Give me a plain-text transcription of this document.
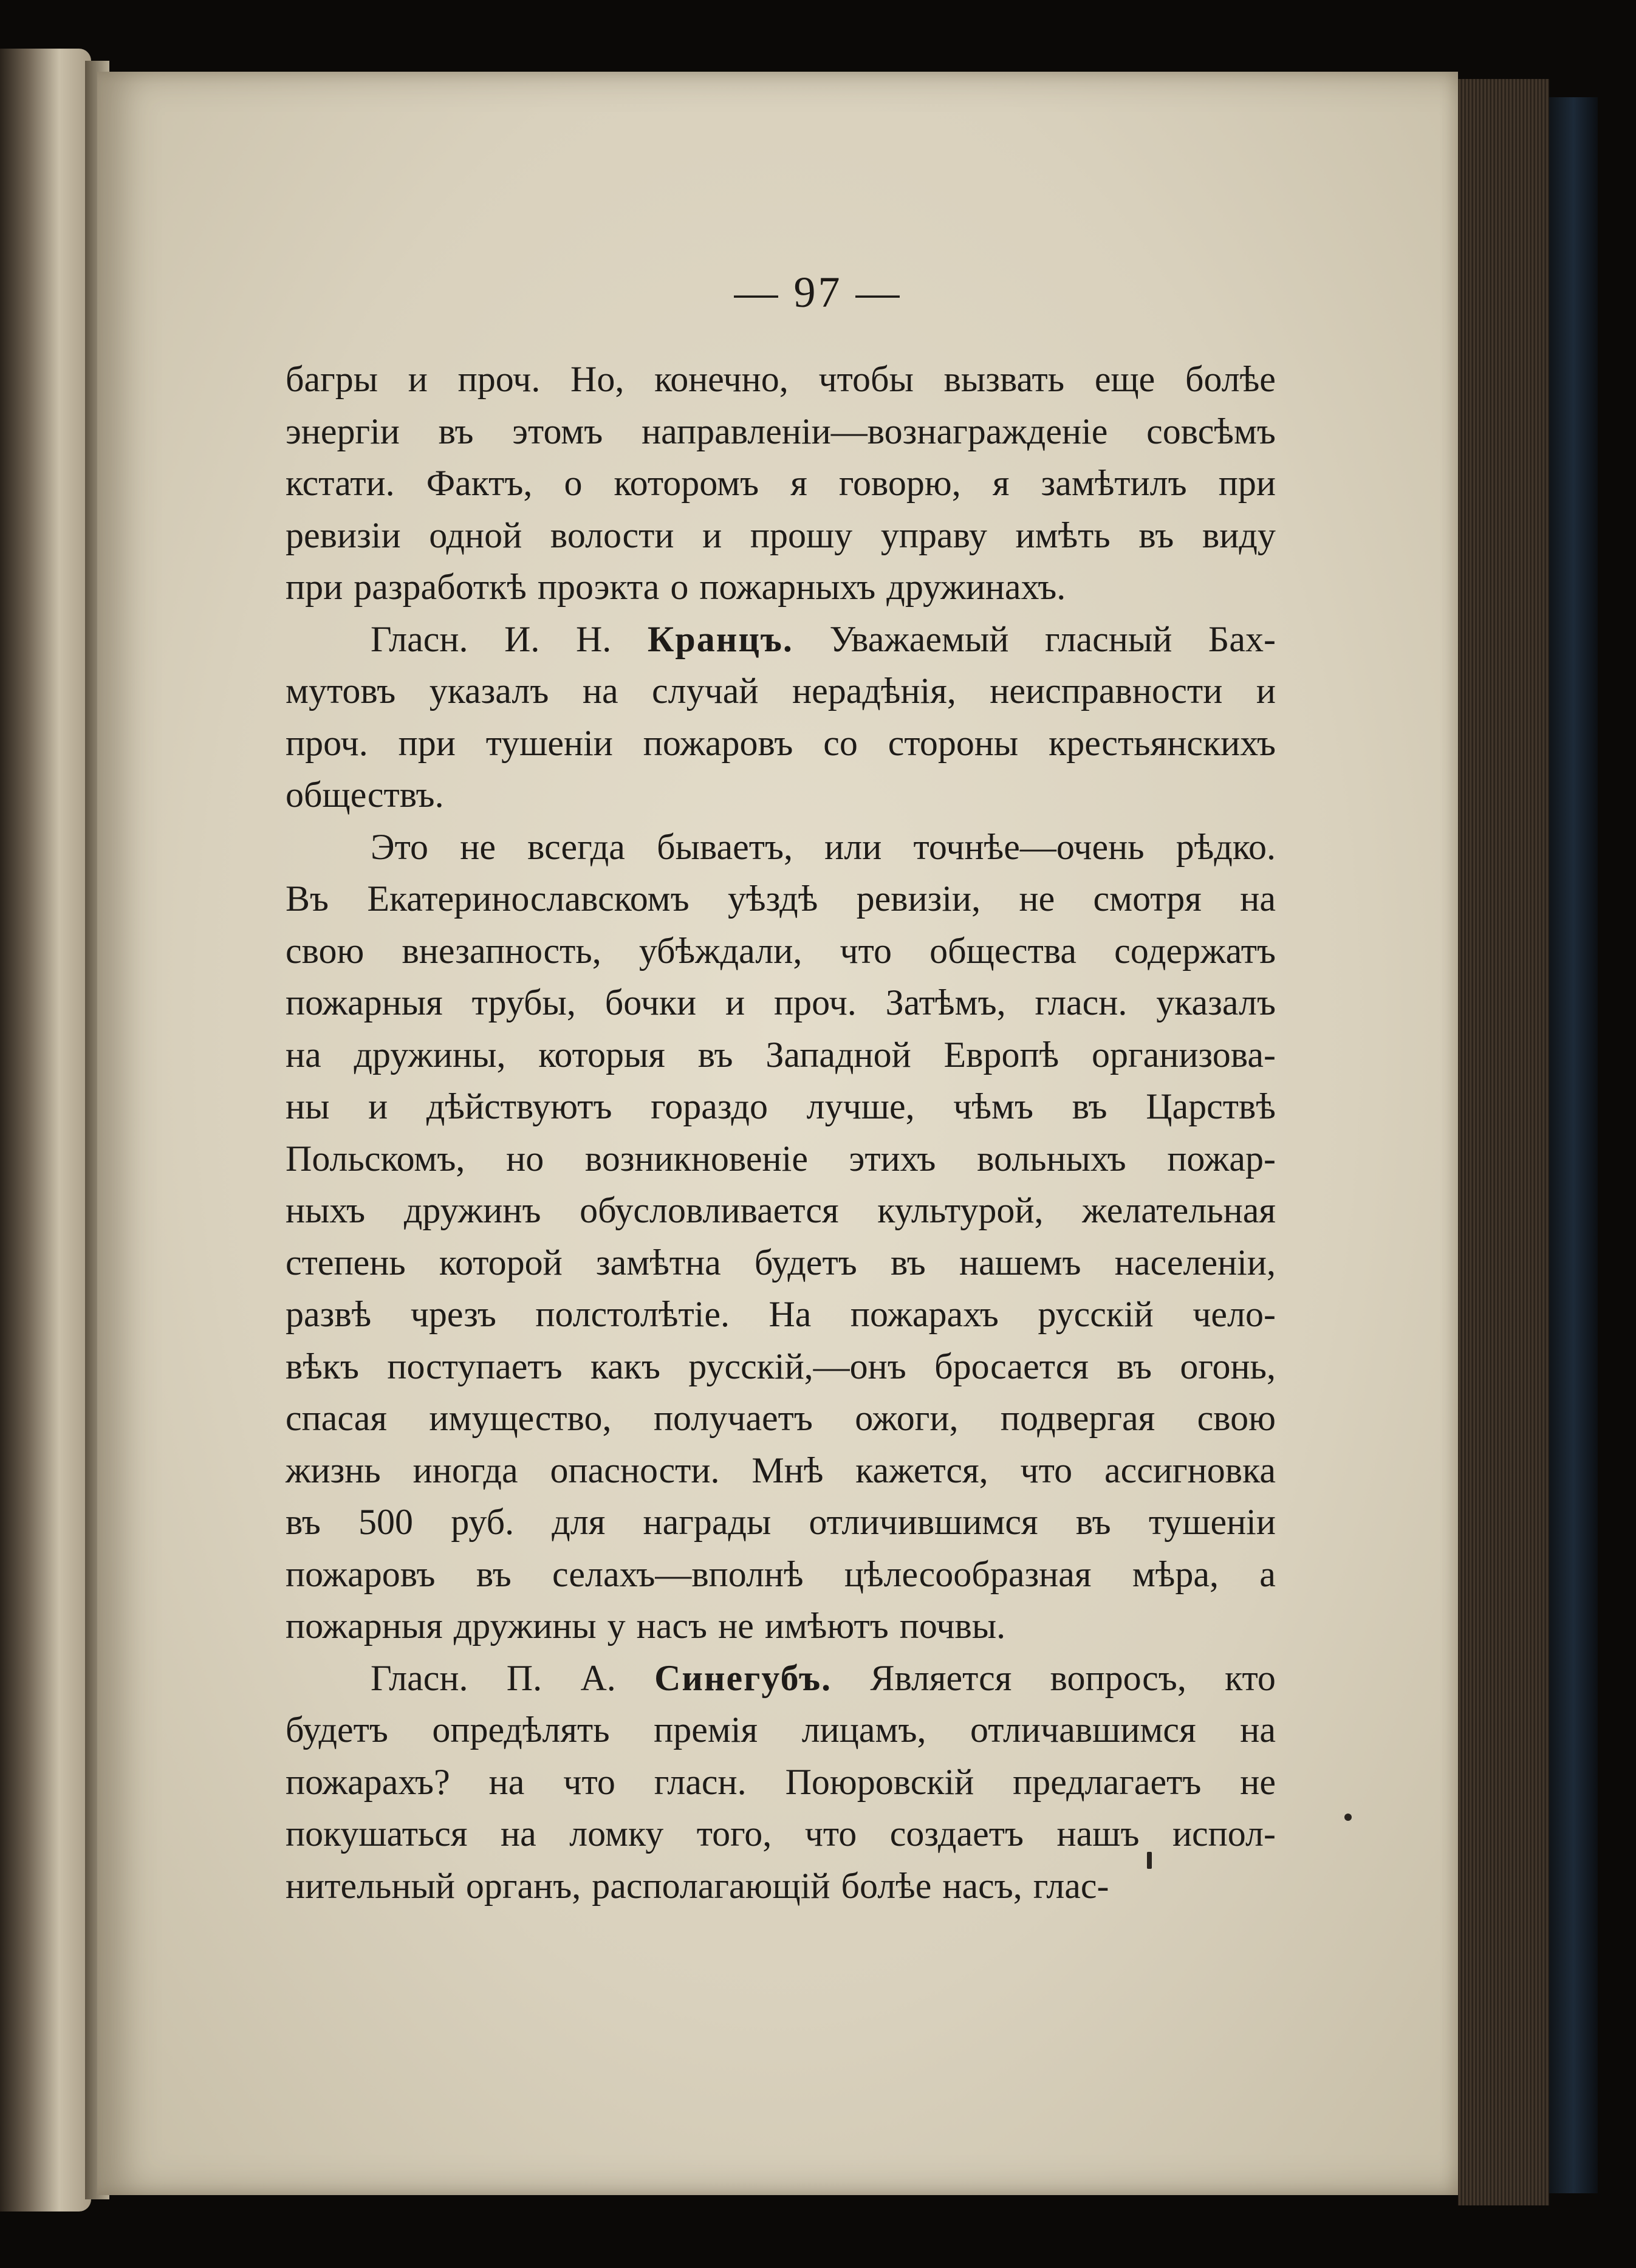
— 97 —
багры и проч. Но, конечно, чтобы вызвать еще болѣе
энергіи въ этомъ направленіи—вознагражденіе совсѣмъ
кстати. Фактъ, о которомъ я говорю, я замѣтилъ при
ревизіи одной волости и прошу управу имѣть въ виду
при разработкѣ проэкта о пожарныхъ дружинахъ.
Гласн. И. Н. Кранцъ. Уважаемый гласный Бах-
мутовъ указалъ на случай нерадѣнія, неисправности и
проч. при тушеніи пожаровъ со стороны крестьянскихъ
обществъ.
Это не всегда бываетъ, или точнѣе—очень рѣдко.
Въ Екатеринославскомъ уѣздѣ ревизіи, не смотря на
свою внезапность, убѣждали, что общества содержатъ
пожарныя трубы, бочки и проч. Затѣмъ, гласн. указалъ
на дружины, которыя въ Западной Европѣ организова-
ны и дѣйствуютъ гораздо лучше, чѣмъ въ Царствѣ
Польскомъ, но возникновеніе этихъ вольныхъ пожар-
ныхъ дружинъ обусловливается культурой, желательная
степень которой замѣтна будетъ въ нашемъ населеніи,
развѣ чрезъ полстолѣтіе. На пожарахъ русскій чело-
вѣкъ поступаетъ какъ русскій,—онъ бросается въ огонь,
спасая имущество, получаетъ ожоги, подвергая свою
жизнь иногда опасности. Мнѣ кажется, что ассигновка
въ 500 руб. для награды отличившимся въ тушеніи
пожаровъ въ селахъ—вполнѣ цѣлесообразная мѣра, а
пожарныя дружины у насъ не имѣютъ почвы.
Гласн. П. А. Синегубъ. Является вопросъ, кто
будетъ опредѣлять премія лицамъ, отличавшимся на
пожарахъ? на что гласн. Поюровскій предлагаетъ не
покушаться на ломку того, что создаетъ нашъ испол-
нительный органъ, располагающій болѣе насъ, глас-
